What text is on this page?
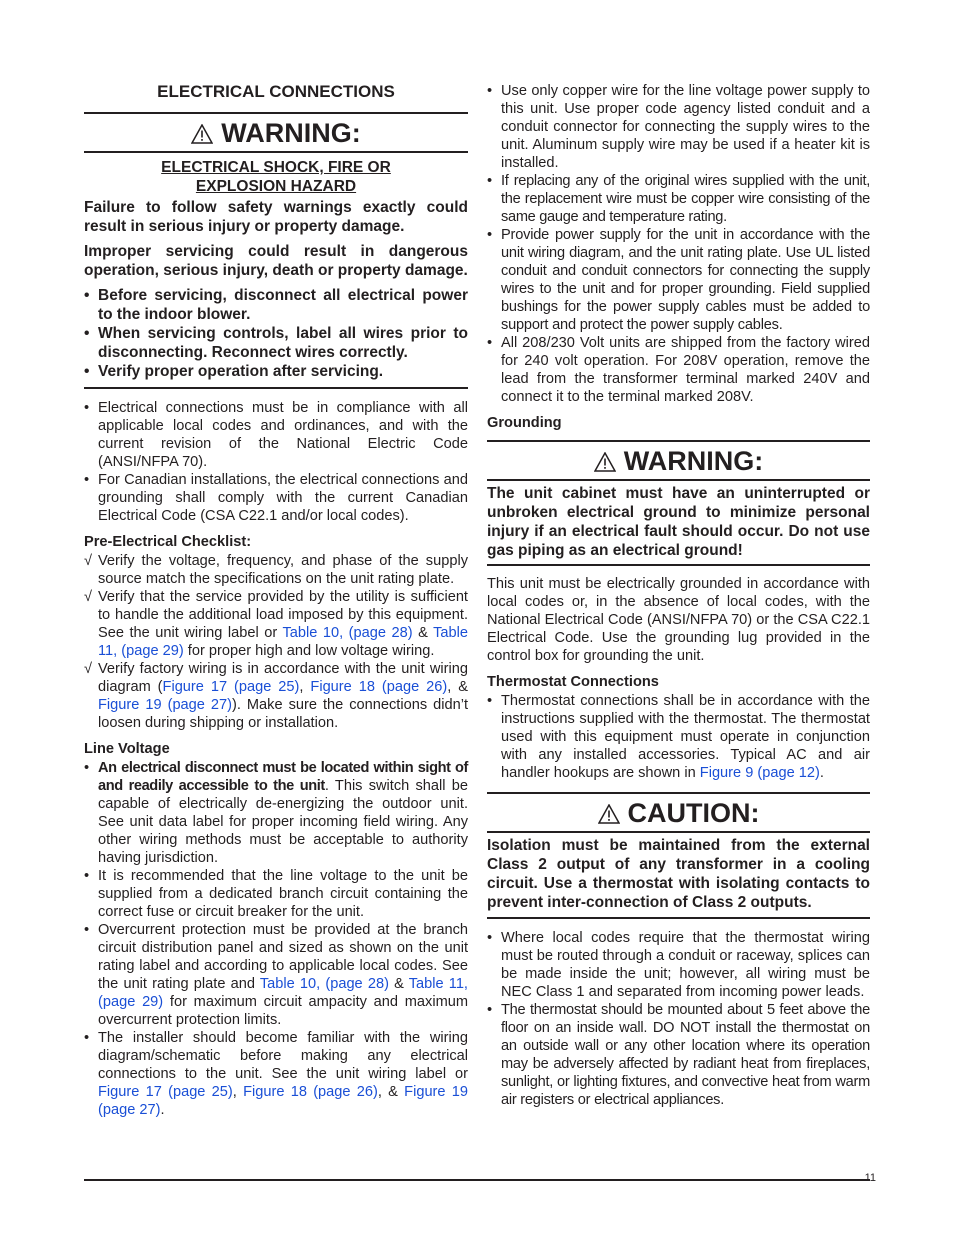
ELECTRICAL CONNECTIONS
WARNING:
ELECTRICAL SHOCK, FIRE OR
EXPLOSION HAZARD
Failure to follow safety warnings exactly could result in serious injury or property damage.
Improper servicing could result in dangerous operation, serious injury, death or property damage.
• Before servicing, disconnect all electrical power to the indoor blower.
• When servicing controls, label all wires prior to disconnecting. Reconnect wires correctly.
• Verify proper operation after servicing.
• Electrical connections must be in compliance with all applicable local codes and ordinances, and with the current revision of the National Electric Code (ANSI/NFPA 70).
• For Canadian installations, the electrical connections and grounding shall comply with the current Canadian Electrical Code (CSA C22.1 and/or local codes).
Pre-Electrical Checklist:
√ Verify the voltage, frequency, and phase of the supply source match the specifications on the unit rating plate.
√ Verify that the service provided by the utility is sufficient to handle the additional load imposed by this equipment. See the unit wiring label or Table 10, (page 28) & Table 11, (page 29) for proper high and low voltage wiring.
√ Verify factory wiring is in accordance with the unit wiring diagram (Figure 17 (page 25), Figure 18 (page 26), & Figure 19 (page 27)). Make sure the connections didn’t loosen during shipping or installation.
Line Voltage
• An electrical disconnect must be located within sight of and readily accessible to the unit. This switch shall be capable of electrically de-energizing the outdoor unit. See unit data label for proper incoming field wiring. Any other wiring methods must be acceptable to authority having jurisdiction.
• It is recommended that the line voltage to the unit be supplied from a dedicated branch circuit containing the correct fuse or circuit breaker for the unit.
• Overcurrent protection must be provided at the branch circuit distribution panel and sized as shown on the unit rating label and according to applicable local codes. See the unit rating plate and Table 10, (page 28) & Table 11, (page 29) for maximum circuit ampacity and maximum overcurrent protection limits.
• The installer should become familiar with the wiring diagram/schematic before making any electrical connections to the unit. See the unit wiring label or Figure 17 (page 25), Figure 18 (page 26), & Figure 19 (page 27).
• Use only copper wire for the line voltage power supply to this unit. Use proper code agency listed conduit and a conduit connector for connecting the supply wires to the unit. Aluminum supply wire may be used if a heater kit is installed.
• If replacing any of the original wires supplied with the unit, the replacement wire must be copper wire consisting of the same gauge and temperature rating.
• Provide power supply for the unit in accordance with the unit wiring diagram, and the unit rating plate. Use UL listed conduit and conduit connectors for connecting the supply wires to the unit and for proper grounding. Field supplied bushings for the power supply cables must be added to support and protect the power supply cables.
• All 208/230 Volt units are shipped from the factory wired for 240 volt operation. For 208V operation, remove the lead from the transformer terminal marked 240V and connect it to the terminal marked 208V.
Grounding
WARNING:
The unit cabinet must have an uninterrupted or unbroken electrical ground to minimize personal injury if an electrical fault should occur. Do not use gas piping as an electrical ground!
This unit must be electrically grounded in accordance with local codes or, in the absence of local codes, with the National Electrical Code (ANSI/NFPA 70) or the CSA C22.1 Electrical Code. Use the grounding lug provided in the control box for grounding the unit.
Thermostat Connections
• Thermostat connections shall be in accordance with the instructions supplied with the thermostat. The thermostat used with this equipment must operate in conjunction with any installed accessories. Typical AC and air handler hookups are shown in Figure 9 (page 12).
CAUTION:
Isolation must be maintained from the external Class 2 output of any transformer in a cooling circuit. Use a thermostat with isolating contacts to prevent inter-connection of Class 2 outputs.
• Where local codes require that the thermostat wiring must be routed through a conduit or raceway, splices can be made inside the unit; however, all wiring must be NEC Class 1 and separated from incoming power leads.
• The thermostat should be mounted about 5 feet above the floor on an inside wall. DO NOT install the thermostat on an outside wall or any other location where its operation may be adversely affected by radiant heat from fireplaces, sunlight, or lighting fixtures, and convective heat from warm air registers or electrical appliances.
11
